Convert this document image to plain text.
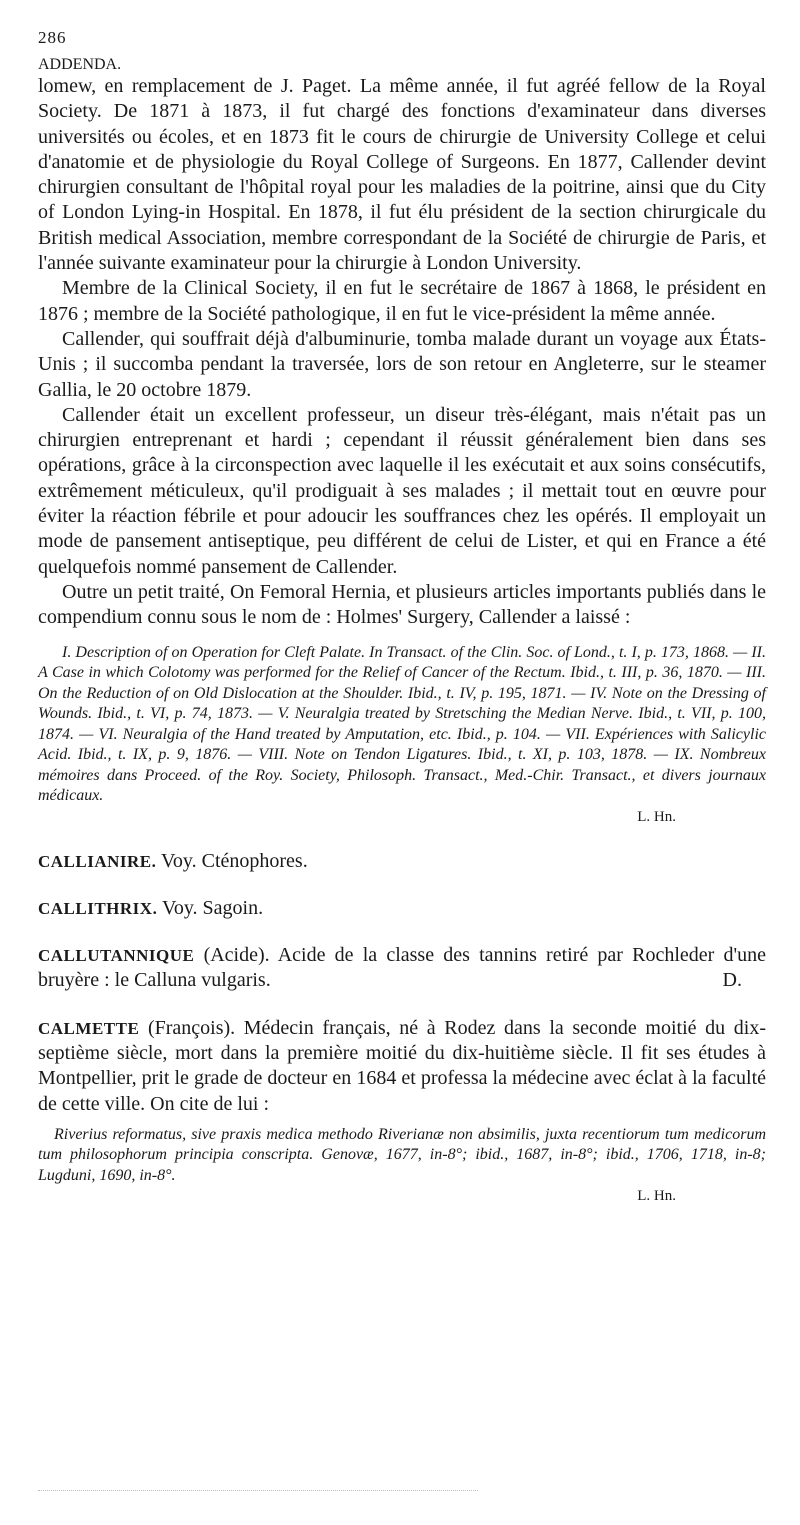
286
ADDENDA.

lomew, en remplacement de J. Paget. La même année, il fut agréé fellow de la Royal Society. De 1871 à 1873, il fut chargé des fonctions d'examinateur dans diverses universités ou écoles, et en 1873 fit le cours de chirurgie de University College et celui d'anatomie et de physiologie du Royal College of Surgeons. En 1877, Callender devint chirurgien consultant de l'hôpital royal pour les maladies de la poitrine, ainsi que du City of London Lying-in Hospital. En 1878, il fut élu président de la section chirurgicale du British medical Association, membre correspondant de la Société de chirurgie de Paris, et l'année suivante examinateur pour la chirurgie à London University.

Membre de la Clinical Society, il en fut le secrétaire de 1867 à 1868, le président en 1876 ; membre de la Société pathologique, il en fut le vice-président la même année.

Callender, qui souffrait déjà d'albuminurie, tomba malade durant un voyage aux États-Unis ; il succomba pendant la traversée, lors de son retour en Angleterre, sur le steamer Gallia, le 20 octobre 1879.

Callender était un excellent professeur, un diseur très-élégant, mais n'était pas un chirurgien entreprenant et hardi ; cependant il réussit généralement bien dans ses opérations, grâce à la circonspection avec laquelle il les exécutait et aux soins consécutifs, extrêmement méticuleux, qu'il prodiguait à ses malades ; il mettait tout en œuvre pour éviter la réaction fébrile et pour adoucir les souffrances chez les opérés. Il employait un mode de pansement antiseptique, peu différent de celui de Lister, et qui en France a été quelquefois nommé pansement de Callender.

Outre un petit traité, On Femoral Hernia, et plusieurs articles importants publiés dans le compendium connu sous le nom de : Holmes' Surgery, Callender a laissé :

I. Description of on Operation for Cleft Palate. In Transact. of the Clin. Soc. of Lond., t. I, p. 173, 1868. — II. A Case in which Colotomy was performed for the Relief of Cancer of the Rectum. Ibid., t. III, p. 36, 1870. — III. On the Reduction of on Old Dislocation at the Shoulder. Ibid., t. IV, p. 195, 1871. — IV. Note on the Dressing of Wounds. Ibid., t. VI, p. 74, 1873. — V. Neuralgia treated by Stretsching the Median Nerve. Ibid., t. VII, p. 100, 1874. — VI. Neuralgia of the Hand treated by Amputation, etc. Ibid., p. 104. — VII. Expériences with Salicylic Acid. Ibid., t. IX, p. 9, 1876. — VIII. Note on Tendon Ligatures. Ibid., t. XI, p. 103, 1878. — IX. Nombreux mémoires dans Proceed. of the Roy. Society, Philosoph. Transact., Med.-Chir. Transact., et divers journaux médicaux.

L. Hn.

CALLIANIRE. Voy. Cténophores.

CALLITHRIX. Voy. Sagoin.

CALLUTANNIQUE (Acide). Acide de la classe des tannins retiré par Rochleder d'une bruyère : le Calluna vulgaris.	D.

CALMETTE (François). Médecin français, né à Rodez dans la seconde moitié du dix-septième siècle, mort dans la première moitié du dix-huitième siècle. Il fit ses études à Montpellier, prit le grade de docteur en 1684 et professa la médecine avec éclat à la faculté de cette ville. On cite de lui :

Riverius reformatus, sive praxis medica methodo Riverianæ non absimilis, juxta recentiorum tum medicorum tum philosophorum principia conscripta. Genovæ, 1677, in-8°; ibid., 1687, in-8°; ibid., 1706, 1718, in-8; Lugduni, 1690, in-8°.

L. Hn.
